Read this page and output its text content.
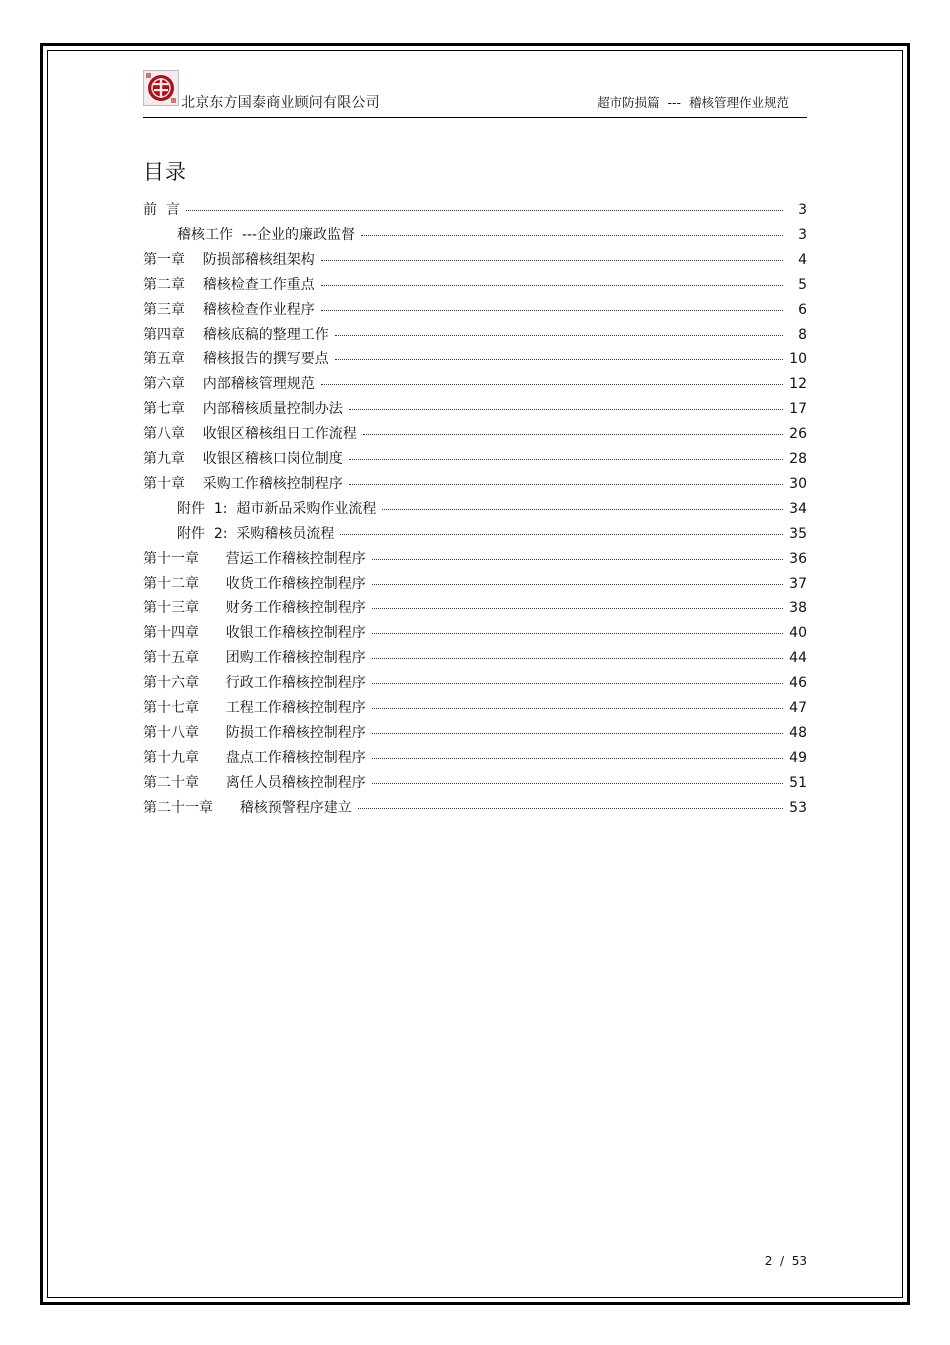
北京东方国泰商业顾问有限公司	超市防损篇  ---  稽核管理作业规范
目录
前  言	3
稽核工作  ---企业的廉政监督	3
第一章    防损部稽核组架构	4
第二章    稽核检查工作重点	5
第三章    稽核检查作业程序	6
第四章    稽核底稿的整理工作	8
第五章    稽核报告的撰写要点	10
第六章    内部稽核管理规范	12
第七章    内部稽核质量控制办法	17
第八章    收银区稽核组日工作流程	26
第九章    收银区稽核口岗位制度	28
第十章    采购工作稽核控制程序	30
附件  1:  超市新品采购作业流程	34
附件  2:  采购稽核员流程	35
第十一章      营运工作稽核控制程序	36
第十二章      收货工作稽核控制程序	37
第十三章      财务工作稽核控制程序	38
第十四章      收银工作稽核控制程序	40
第十五章      团购工作稽核控制程序	44
第十六章      行政工作稽核控制程序	46
第十七章      工程工作稽核控制程序	47
第十八章      防损工作稽核控制程序	48
第十九章      盘点工作稽核控制程序	49
第二十章      离任人员稽核控制程序	51
第二十一章      稽核预警程序建立	53
2  /  53
